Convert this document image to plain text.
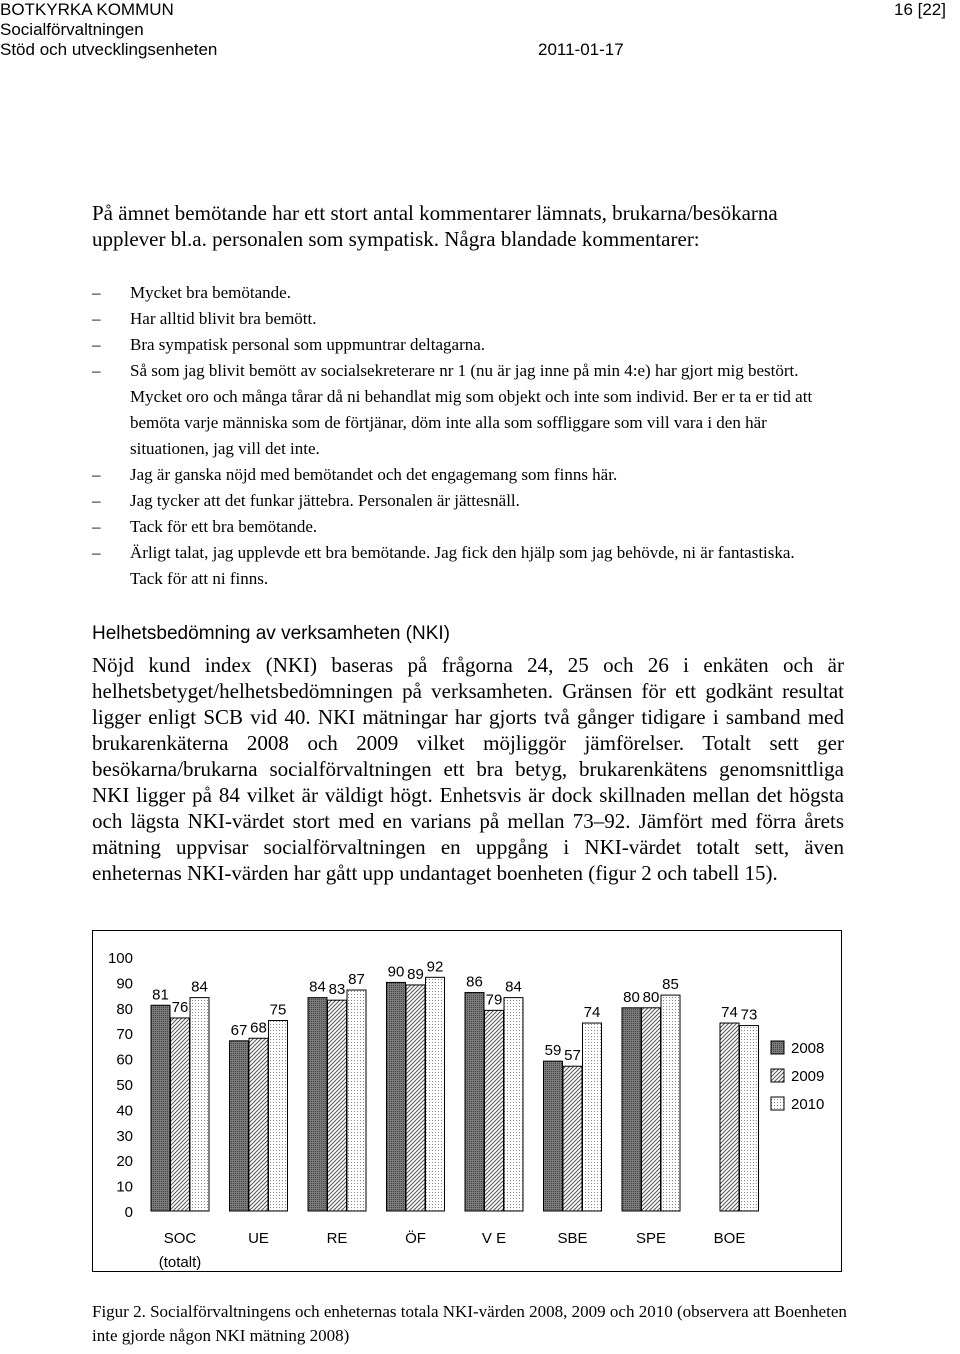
BOTKYRKA KOMMUN
Socialförvaltningen
Stöd och utvecklingsenheten	2011-01-17
16 [22]

På ämnet bemötande har ett stort antal kommentarer lämnats, brukarna/besökarna upplever bl.a. personalen som sympatisk. Några blandade kommentarer:

–	Mycket bra bemötande.
–	Har alltid blivit bra bemött.
–	Bra sympatisk personal som uppmuntrar deltagarna.
–	Så som jag blivit bemött av socialsekreterare nr 1 (nu är jag inne på min 4:e) har gjort mig bestört. Mycket oro och många tårar då ni behandlat mig som objekt och inte som individ. Ber er ta er tid att bemöta varje människa som de förtjänar, döm inte alla som soffliggare som vill vara i den här situationen, jag vill det inte.
–	Jag är ganska nöjd med bemötandet och det engagemang som finns här.
–	Jag tycker att det funkar jättebra. Personalen är jättesnäll.
–	Tack för ett bra bemötande.
–	Ärligt talat, jag upplevde ett bra bemötande. Jag fick den hjälp som jag behövde, ni är fantastiska. Tack för att ni finns.
Helhetsbedömning av verksamheten (NKI)

Nöjd kund index (NKI) baseras på frågorna 24, 25 och 26 i enkäten och är helhetsbetyget/helhetsbedömningen på verksamheten. Gränsen för ett godkänt resultat ligger enligt SCB vid 40. NKI mätningar har gjorts två gånger tidigare i samband med brukarenkäterna 2008 och 2009 vilket möjliggör jämförelser. Totalt sett ger besökarna/brukarna socialförvaltningen ett bra betyg, brukarenkätens genomsnittliga NKI ligger på 84 vilket är väldigt högt. Enhetsvis är dock skillnaden mellan det högsta och lägsta NKI-värdet stort med en varians på mellan 73–92. Jämfört med förra årets mätning uppvisar socialförvaltningen en uppgång i NKI-värdet totalt sett, även enheternas NKI-värden har gått upp undantaget boenheten (figur 2 och tabell 15).

0
10
20
30
40
50
60
70
80
90
100
81
76
84
67 68
75
84 83
87 90 89 92
86
79
84
59 57
74
80 80
85
74 73
SOC
(totalt)
UE	RE	ÖF	V E	SBE	SPE	BOE
2008
2009
2010

Figur 2. Socialförvaltningens och enheternas totala NKI-värden 2008, 2009 och 2010 (observera att Boenheten inte gjorde någon NKI mätning 2008)
